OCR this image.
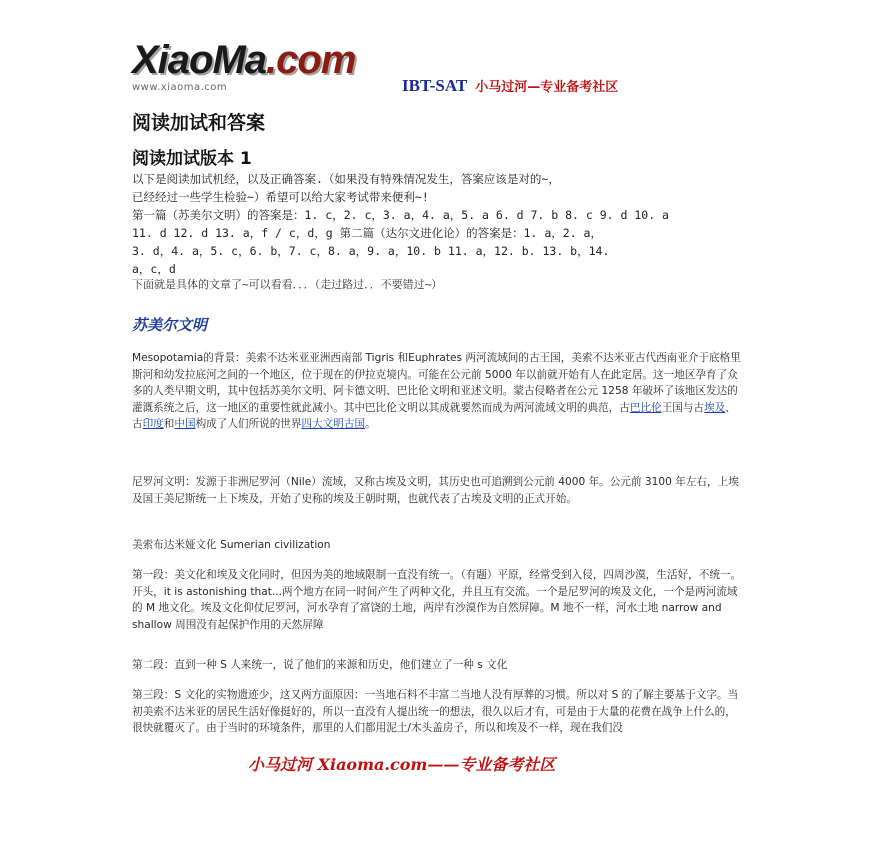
XiaoMa.com
www.xiaoma.com	IBT-SAT 小马过河—专业备考社区
阅读加试和答案
阅读加试版本 1

以下是阅读加试机经，以及正确答案.（如果没有特殊情况发生，答案应该是对的~，

已经经过一些学生检验~）希望可以给大家考试带来便利~!

第一篇（苏美尔文明）的答案是：1. c，2. c，3. a，4. a，5. a 6. d 7. b 8. c 9. d 10. a

11. d 12. d 13. a，f / c，d，g 第二篇（达尔文进化论）的答案是：1. a，2. a，

3. d，4. a，5. c，6. b，7. c，8. a，9. a，10. b 11. a，12. b. 13. b，14.

a，c，d

下面就是具体的文章了~可以看看．．．（走过路过．．不要错过~）
苏美尔文明

Mesopotamia的背景：美索不达米亚亚洲西南部 Tigris 和Euphrates 两河流域间的古王国，美索不达米亚古代西南亚介于底格里斯河和幼发拉底河之间的一个地区，位于现在的伊拉克境内。可能在公元前 5000 年以前就开始有人在此定居。这一地区孕育了众多的人类早期文明，其中包括苏美尔文明、阿卡德文明、巴比伦文明和亚述文明。蒙古侵略者在公元 1258 年破坏了该地区发达的灌溉系统之后，这一地区的重要性就此减小。其中巴比伦文明以其成就要然而成为两河流域文明的典范，古巴比伦王国与古埃及、古印度和中国构成了人们所说的世界四大文明古国。

尼罗河文明：发源于非洲尼罗河（Nile）流域，又称古埃及文明，其历史也可追溯到公元前 4000 年。公元前 3100 年左右，上埃及国王美尼斯统一上下埃及，开始了史称的埃及王朝时期，也就代表了古埃及文明的正式开始。

美索布达米娅文化 Sumerian civilization

第一段：美文化和埃及文化同时，但因为美的地域限制一直没有统一。（有题）平原，经常受到入侵，四周沙漠，生活好，不统一。开头，it is astonishing that...两个地方在同一时间产生了两种文化，并且互有交流。一个是尼罗河的埃及文化，一个是两河流域的 M 地文化。埃及文化仰仗尼罗河，河水孕育了富饶的土地，两岸有沙漠作为自然屏障。M 地不一样，河水土地 narrow and shallow 周围没有起保护作用的天然屏障

第二段：直到一种 S 人来统一，说了他们的来源和历史，他们建立了一种 s 文化

第三段：S 文化的实物遗迹少，这又两方面原因：一当地石料不丰富二当地人没有厚葬的习惯。所以对 S 的了解主要基于文字。当初美索不达米亚的居民生活好像挺好的，所以一直没有人提出统一的想法，很久以后才有，可是由于大量的花费在战争上什么的，很快就覆灭了。由于当时的环境条件，那里的人们都用泥土/木头盖房子，所以和埃及不一样，现在我们没

小马过河 Xiaoma.com——专业备考社区
